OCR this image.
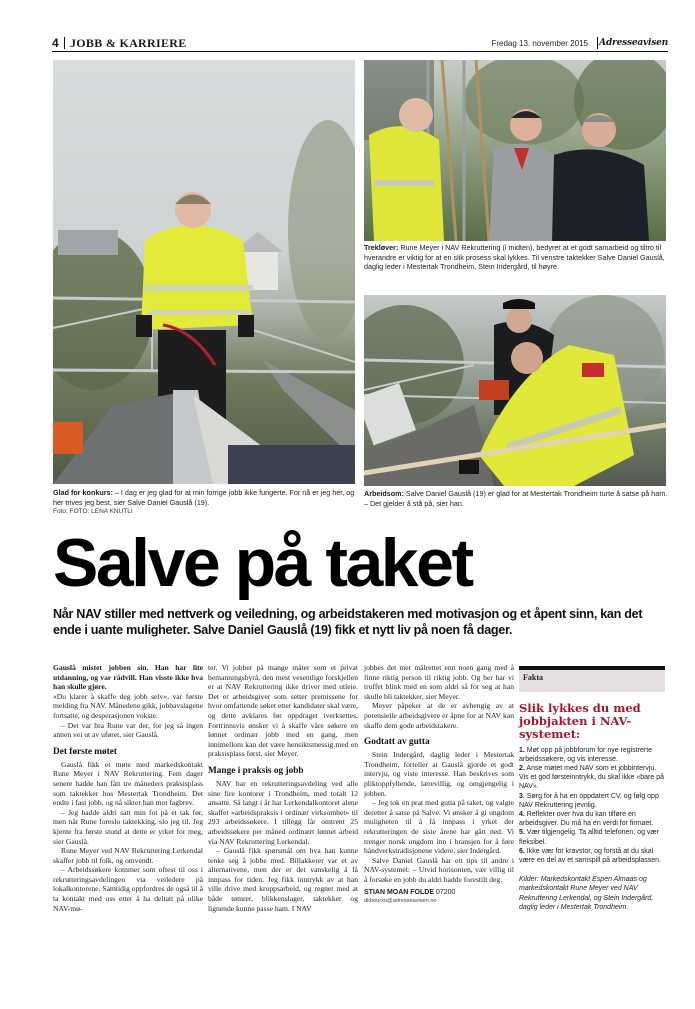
4 JOBB & KARRIERE	Fredag 13. november 2015 Adresseavisen
Glad for konkurs: – I dag er jeg glad for at min forrige jobb ikke fungerte. For nå er jeg her, og her trives jeg best, sier Salve Daniel Gauslå (19).
Foto: FOTO: LENA KNUTLI
Trekløver: Rune Meyer i NAV Rekruttering (i midten), bedyrer at et godt samarbeid og tiltro til hverandre er viktig for at en slik prosess skal lykkes. Til venstre taktekker Salve Daniel Gauslå, daglig leder i Mestertak Trondheim, Stein Indergård, til høyre.
Arbeidsom: Salve Daniel Gauslå (19) er glad for at Mestertak Trondheim turte å satse på ham. – Det gjelder å stå på, sier han.
Salve på taket

Når NAV stiller med nettverk og veiledning, og arbeidstakeren med motivasjon og et åpent sinn, kan det ende i uante muligheter. Salve Daniel Gauslå (19) fikk et nytt liv på noen få dager.

Gauslå mistet jobben sin. Han har lite utdanning, og var rådvill. Han visste ikke hva han skulle gjøre.

«Du klarer å skaffe deg jobb selv», var første melding fra NAV. Månedene gikk, jobbavslagene fortsatte, og desperasjonen vokste.

– Det var bra Rune var der, for jeg så ingen annen vei ut av uføret, sier Gauslå.

Det første møtet

Gauslå fikk et møte med markedskontakt Rune Meyer i NAV Rekruttering. Fem dager senere hadde han fått tre måneders praksisplass som taktekker hos Mestertak Trondheim. Det endte i fast jobb, og nå sikter han mot fagbrev.

– Jeg hadde aldri satt min fot på et tak før, men når Rune foreslo taktekking, slo jeg til. Jeg kjente fra første stund at dette er yrket for meg, sier Gauslå.

Rune Meyer ved NAV Rekruttering Lerkendal skaffer jobb til folk, og omvendt.

– Arbeidssøkere kommer som oftest til oss i rekrutteringsavdelingen via veiledere på lokalkontorene. Samtidig oppfordres de også til å ta kontakt med oss etter å ha deltatt på ulike NAV-mø-

ter. Vi jobber på mange måter som et privat bemanningsbyrå, den mest vesentlige forskjellen er at NAV Rekruttering ikke driver med utleie. Det er arbeidsgiver som setter premissene for hvor omfattende søket etter kandidater skal være, og dette avklares før oppdraget iverksettes. Fortrinnsvis ønsker vi å skaffe våre søkere en lønnet ordinær jobb med en gang, men innimellom kan det være hensiktsmessig med en praksisplass først, sier Meyer.

Mange i praksis og jobb

NAV har en rekrutteringsavdeling ved alle sine fire kontorer i Trondheim, med totalt 12 ansatte. Så langt i år har Lerkendalkontoret alene skaffet «arbeidspraksis i ordinær virksomhet» til 293 arbeidssøkere. I tillegg får omtrent 25 arbeidssøkere per måned ordinært lønnet arbeid via NAV Rekruttering Lerkendal.

– Gauslå fikk spørsmål om hva han kunne tenke seg å jobbe med. Billakkerer var et av alternativene, men der er det vanskelig å få innpass for tiden. Jeg fikk inntrykk av at han ville drive med kroppsarbeid, og regnet med at både tømrer, blikkenslager, taktekker og lignende kunne passe ham. I NAV

jobbes det mer målrettet enn noen gang med å finne riktig person til riktig jobb. Og her har vi truffet blink med en som aldri så for seg at han skulle bli taktekker, sier Meyer.

Meyer påpeker at de er avhengig av at potensielle arbeidsgivere er åpne for at NAV kan skaffe dem gode arbeidstakere.

Godtatt av gutta

Stein Indergård, daglig leder i Mestertak Trondheim, forteller at Gauslå gjorde et godt intervju, og viste interesse. Han beskrives som pliktoppfyllende, lærevillig, og omgjengelig i jobben.

– Jeg tok en prat med gutta på taket, og valgte deretter å satse på Salve. Vi ønsker å gi ungdom muligheten til å få innpass i yrket der rekrutteringen de siste årene har gått ned. Vi trenger norsk ungdom inn i bransjen for å føre håndverkstradisjonene videre, sier Indergård.

Salve Daniel Gauslå har ett tips til andre i NAV-systemet: – Utvid horisonten, vær villig til å forsøke en jobb du aldri hadde forestilt deg.

STIAN MOAN FOLDE 07200
dkbourxo@adresseavisen.no
Fakta
Slik lykkes du med jobbjakten i NAV-systemet:
1. Møt opp på jobbforum for nye registrerte arbeidssøkere, og vis interesse.
2. Anse møtet med NAV som et jobbintervju. Vis et god førsteinntrykk, du skal ikke «bare på NAV».
3. Sørg for å ha en oppdatert CV, og følg opp NAV Rekruttering jevnlig.
4. Reflekter over hva du kan tilføre en arbeidsgiver. Du må ha en verdi for firmaet.
5. Vær tilgjengelig. Ta alltid telefonen, og vær fleksibel.
6. Ikke vær for kravstor, og forstå at du skal være en del av et samspill på arbeidsplassen.

Kilder: Markedskontakt Espen Almaas og markedskontakt Rune Meyer ved NAV Rekruttering Lerkendal, og Stein Indergård, daglig leder i Mestertak Trondheim.
